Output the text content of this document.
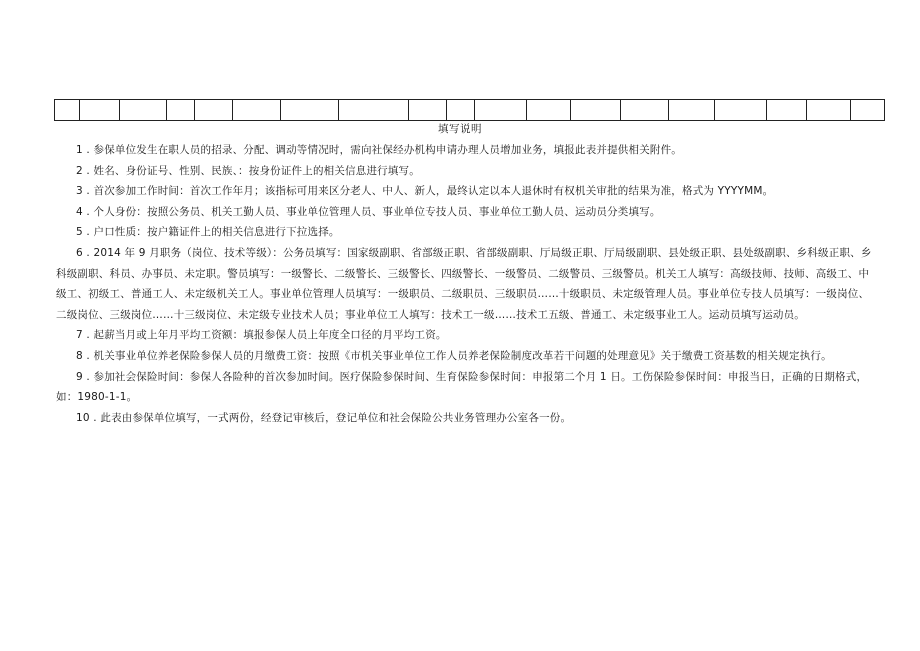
填写说明

1 . 参保单位发生在职人员的招录、分配、调动等情况时，需向社保经办机构申请办理人员增加业务，填报此表并提供相关附件。

2 . 姓名、身份证号、性别、民族、：按身份证件上的相关信息进行填写。

3 . 首次参加工作时间：首次工作年月；该指标可用来区分老人、中人、新人，最终认定以本人退休时有权机关审批的结果为准，格式为 YYYYMM。

4 . 个人身份：按照公务员、机关工勤人员、事业单位管理人员、事业单位专技人员、事业单位工勤人员、运动员分类填写。

5 . 户口性质：按户籍证件上的相关信息进行下拉选择。

6 . 2014 年 9 月职务（岗位、技术等级）：公务员填写：国家级副职、省部级正职、省部级副职、厅局级正职、厅局级副职、县处级正职、县处级副职、乡科级正职、乡科级副职、科员、办事员、未定职。警员填写：一级警长、二级警长、三级警长、四级警长、一级警员、二级警员、三级警员。机关工人填写：高级技师、技师、高级工、中级工、初级工、普通工人、未定级机关工人。事业单位管理人员填写：一级职员、二级职员、三级职员……十级职员、未定级管理人员。事业单位专技人员填写：一级岗位、二级岗位、三级岗位……十三级岗位、未定级专业技术人员；事业单位工人填写：技术工一级……技术工五级、普通工、未定级事业工人。运动员填写运动员。

7 . 起薪当月或上年月平均工资额：填报参保人员上年度全口径的月平均工资。

8 . 机关事业单位养老保险参保人员的月缴费工资：按照《市机关事业单位工作人员养老保险制度改革若干问题的处理意见》关于缴费工资基数的相关规定执行。

9 . 参加社会保险时间：参保人各险种的首次参加时间。医疗保险参保时间、生育保险参保时间：申报第二个月 1 日。工伤保险参保时间：申报当日，正确的日期格式，如：1980-1-1。

10 . 此表由参保单位填写，一式两份，经登记审核后，登记单位和社会保险公共业务管理办公室各一份。
